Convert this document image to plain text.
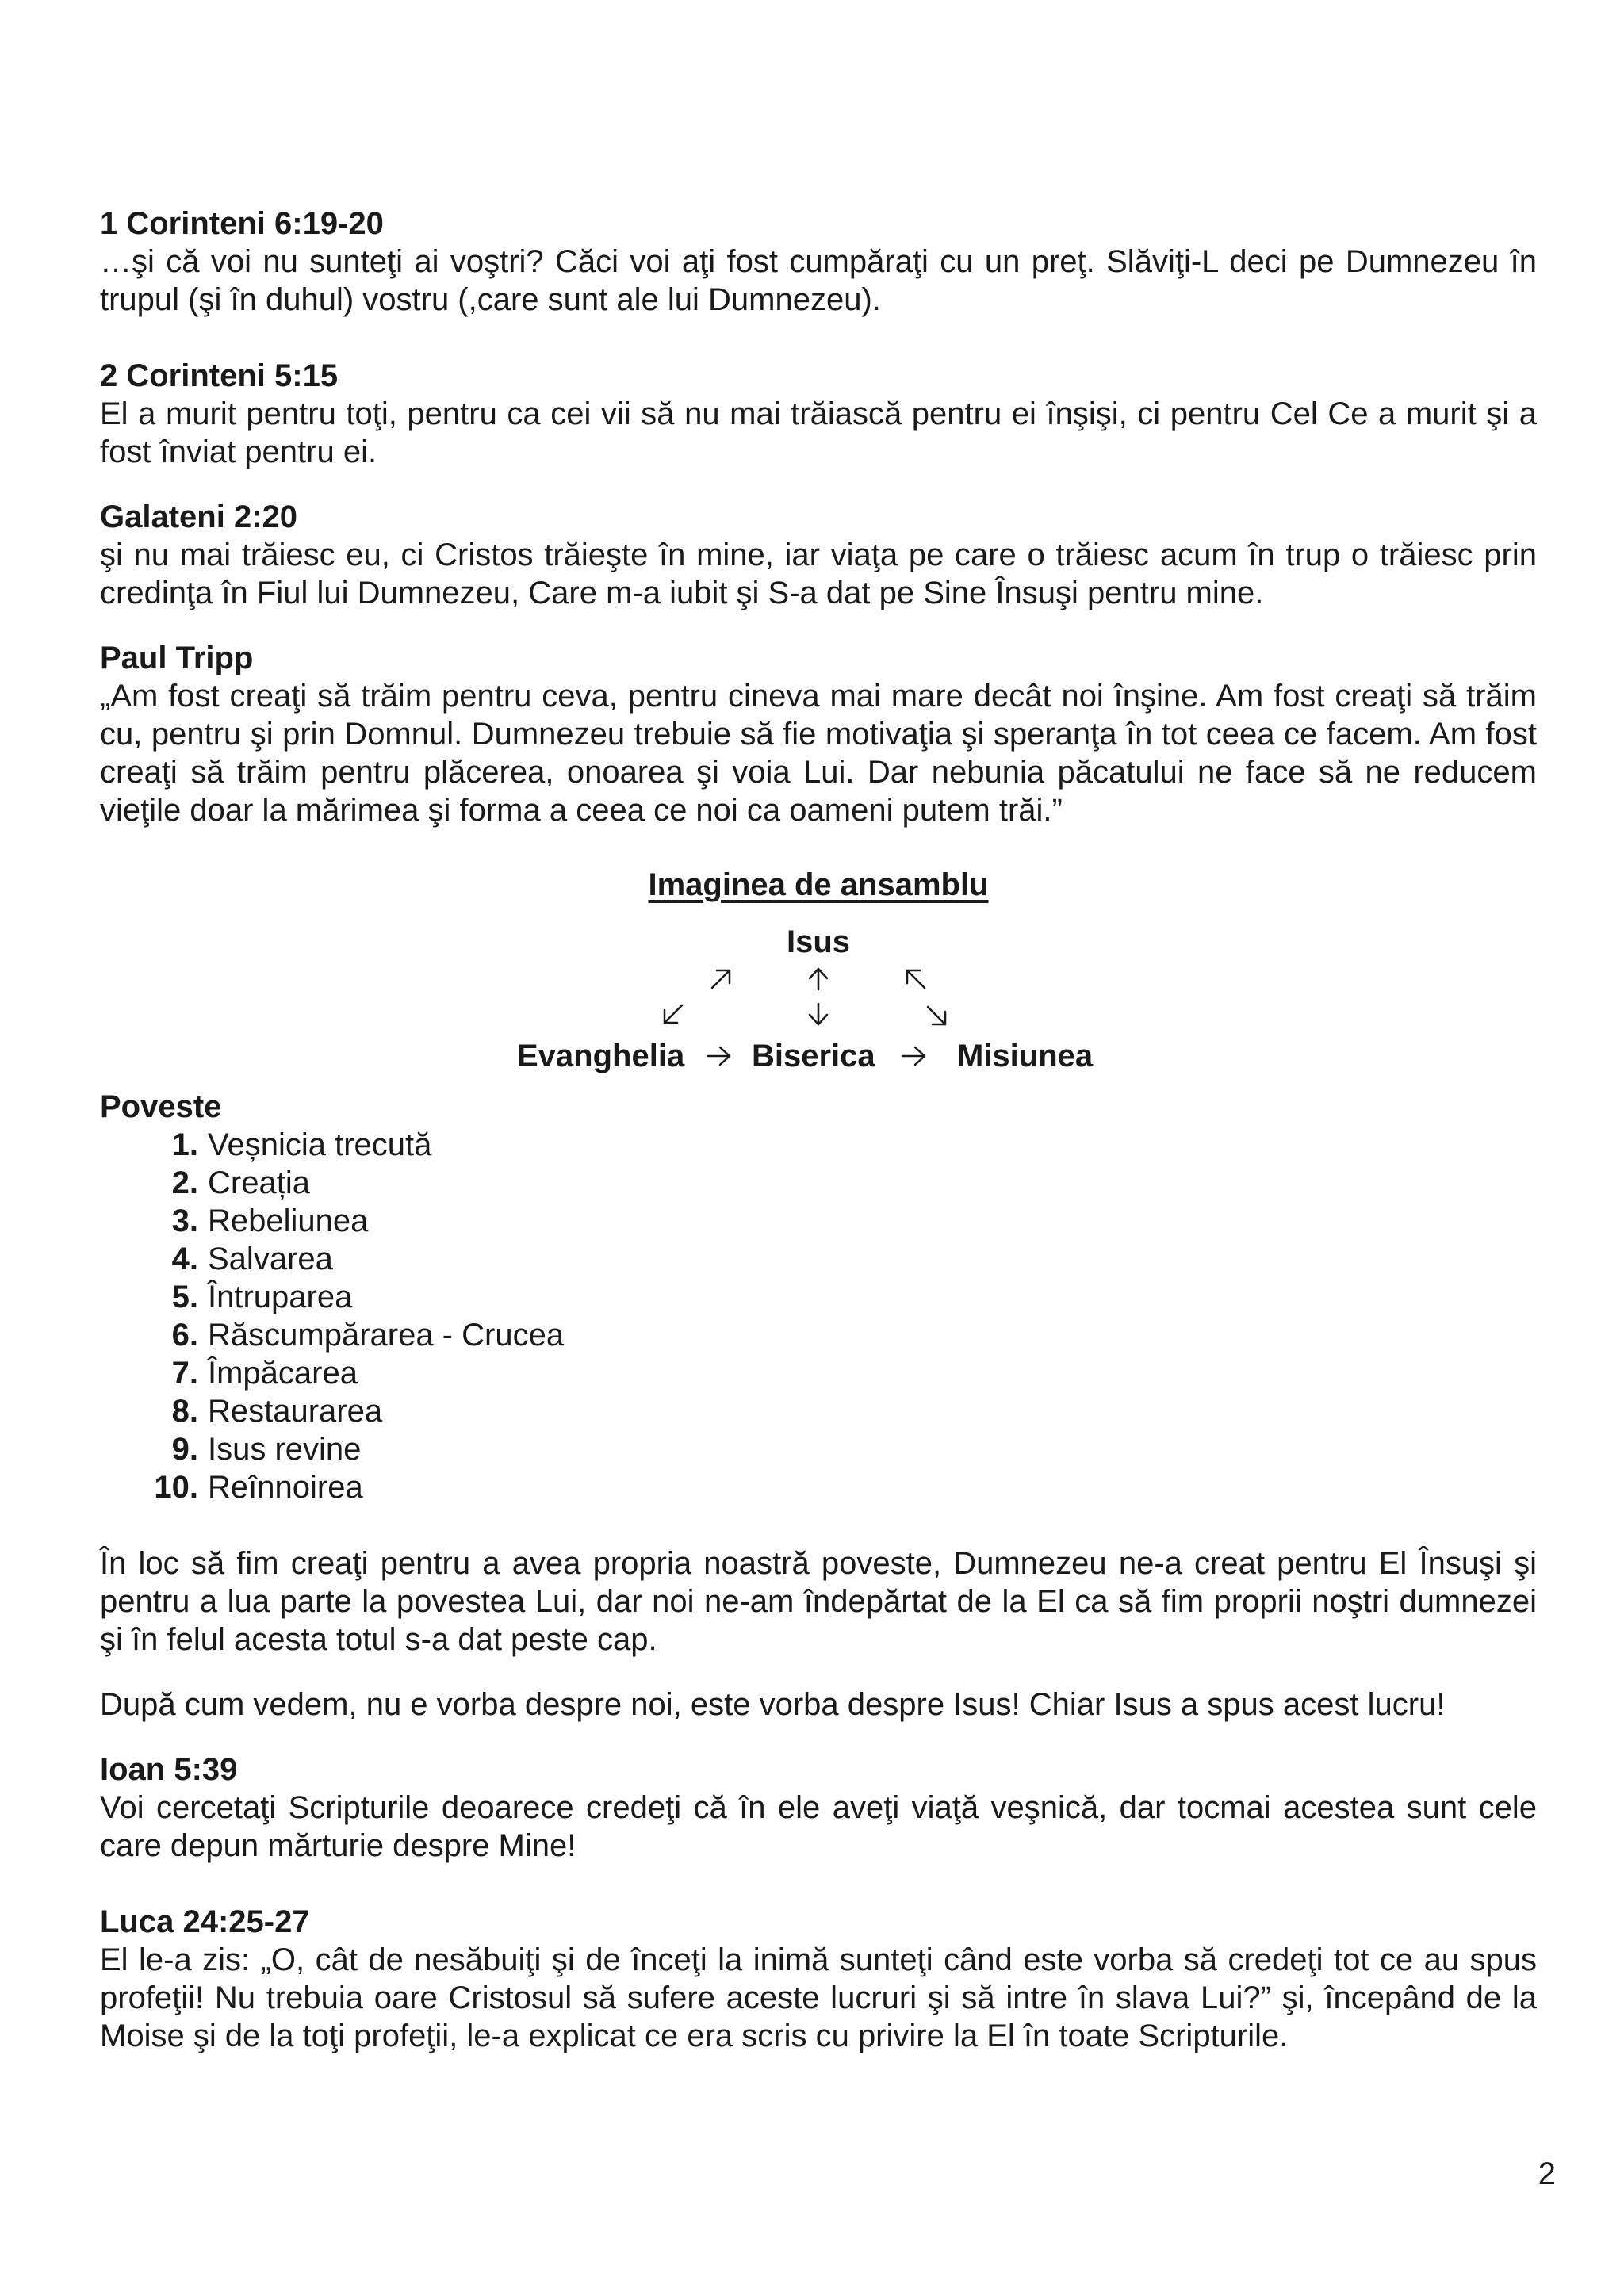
1 Corinteni 6:19-20
…şi că voi nu sunteţi ai voştri? Căci voi aţi fost cumpăraţi cu un preţ. Slăviţi-L deci pe Dumnezeu în trupul (şi în duhul) vostru (,care sunt ale lui Dumnezeu).
2 Corinteni 5:15
El a murit pentru toţi, pentru ca cei vii să nu mai trăiască pentru ei înşişi, ci pentru Cel Ce a murit şi a fost înviat pentru ei.
Galateni 2:20
şi nu mai trăiesc eu, ci Cristos trăieşte în mine, iar viaţa pe care o trăiesc acum în trup o trăiesc prin credinţa în Fiul lui Dumnezeu, Care m-a iubit şi S-a dat pe Sine Însuşi pentru mine.
Paul Tripp
„Am fost creaţi să trăim pentru ceva, pentru cineva mai mare decât noi înşine. Am fost creaţi să trăim cu, pentru şi prin Domnul. Dumnezeu trebuie să fie motivaţia şi speranţa în tot ceea ce facem. Am fost creaţi să trăim pentru plăcerea, onoarea şi voia Lui. Dar nebunia păcatului ne face să ne reducem vieţile doar la mărimea şi forma a ceea ce noi ca oameni putem trăi.”
Imaginea de ansamblu
Isus
Evanghelia Biserica	Misiunea
Poveste
1. Veșnicia trecută
2. Creația
3. Rebeliunea
4. Salvarea
5. Întruparea
6. Răscumpărarea - Crucea
7. Împăcarea
8. Restaurarea
9. Isus revine
10. Reînnoirea
În loc să fim creaţi pentru a avea propria noastră poveste, Dumnezeu ne-a creat pentru El Însuşi şi pentru a lua parte la povestea Lui, dar noi ne-am îndepărtat de la El ca să fim proprii noştri dumnezei şi în felul acesta totul s-a dat peste cap.
După cum vedem, nu e vorba despre noi, este vorba despre Isus! Chiar Isus a spus acest lucru!
Ioan 5:39
Voi cercetaţi Scripturile deoarece credeţi că în ele aveţi viaţă veşnică, dar tocmai acestea sunt cele care depun mărturie despre Mine!
Luca 24:25-27
El le-a zis: „O, cât de nesăbuiţi şi de înceţi la inimă sunteţi când este vorba să credeţi tot ce au spus profeţii! Nu trebuia oare Cristosul să sufere aceste lucruri şi să intre în slava Lui?” şi, începând de la Moise şi de la toţi profeţii, le-a explicat ce era scris cu privire la El în toate Scripturile.
2
